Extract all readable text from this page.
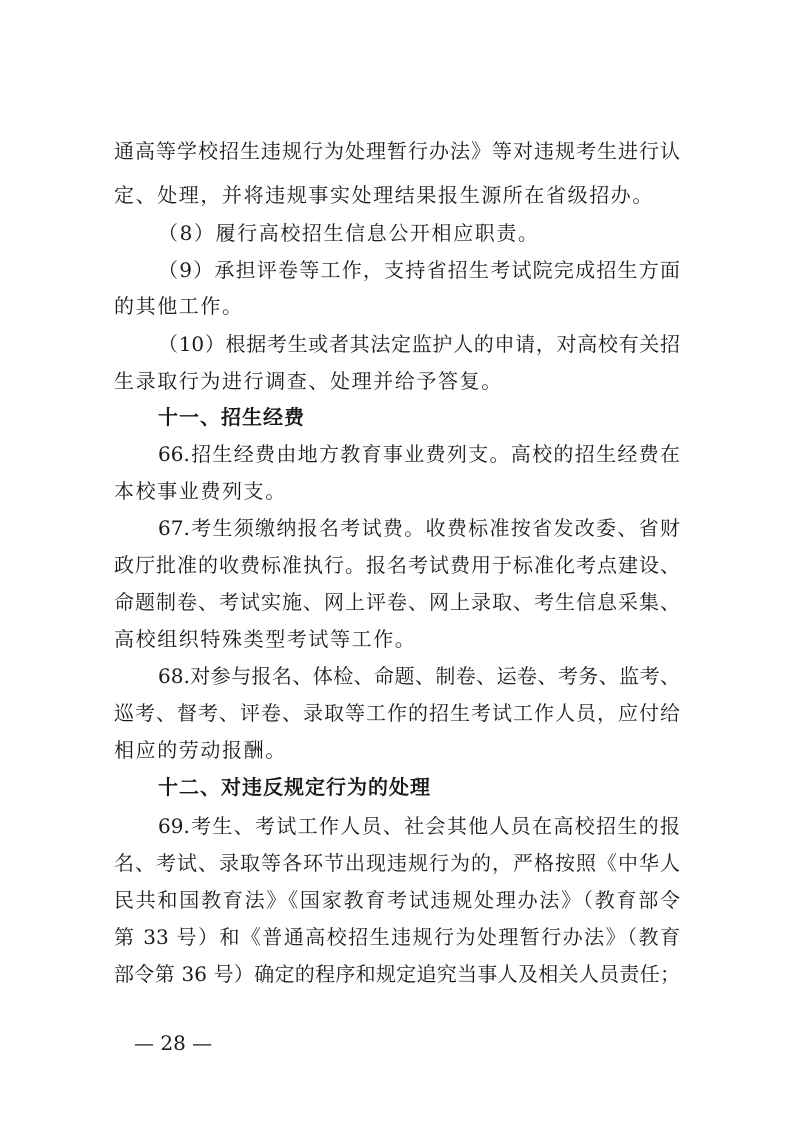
通高等学校招生违规行为处理暂行办法》等对违规考生进行认
定、处理，并将违规事实处理结果报生源所在省级招办。
（8）履行高校招生信息公开相应职责。
（9）承担评卷等工作，支持省招生考试院完成招生方面
的其他工作。
（10）根据考生或者其法定监护人的申请，对高校有关招
生录取行为进行调查、处理并给予答复。
十一、招生经费
66.招生经费由地方教育事业费列支。高校的招生经费在
本校事业费列支。
67.考生须缴纳报名考试费。收费标准按省发改委、省财
政厅批准的收费标准执行。报名考试费用于标准化考点建设、
命题制卷、考试实施、网上评卷、网上录取、考生信息采集、
高校组织特殊类型考试等工作。
68.对参与报名、体检、命题、制卷、运卷、考务、监考、
巡考、督考、评卷、录取等工作的招生考试工作人员，应付给
相应的劳动报酬。
十二、对违反规定行为的处理
69.考生、考试工作人员、社会其他人员在高校招生的报
名、考试、录取等各环节出现违规行为的，严格按照《中华人
民共和国教育法》《国家教育考试违规处理办法》（教育部令
第 33 号）和《普通高校招生违规行为处理暂行办法》（教育
部令第 36 号）确定的程序和规定追究当事人及相关人员责任；
— 28 —
